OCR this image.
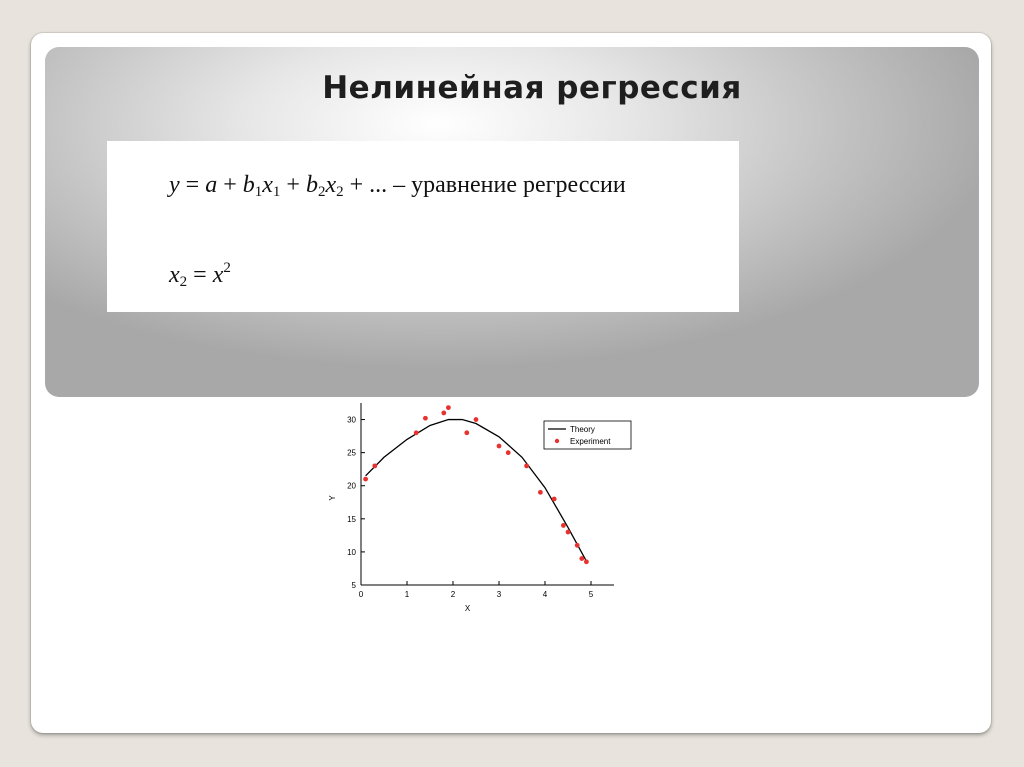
Нелинейная регрессия
$y = a + b_1x_1 + b_2x_2$ + ... – уравнение регрессии
$x_2 = x^2$
0	1	2	3	4	5
5
10
15
20
25
30
X
Y
Theory
Experiment
